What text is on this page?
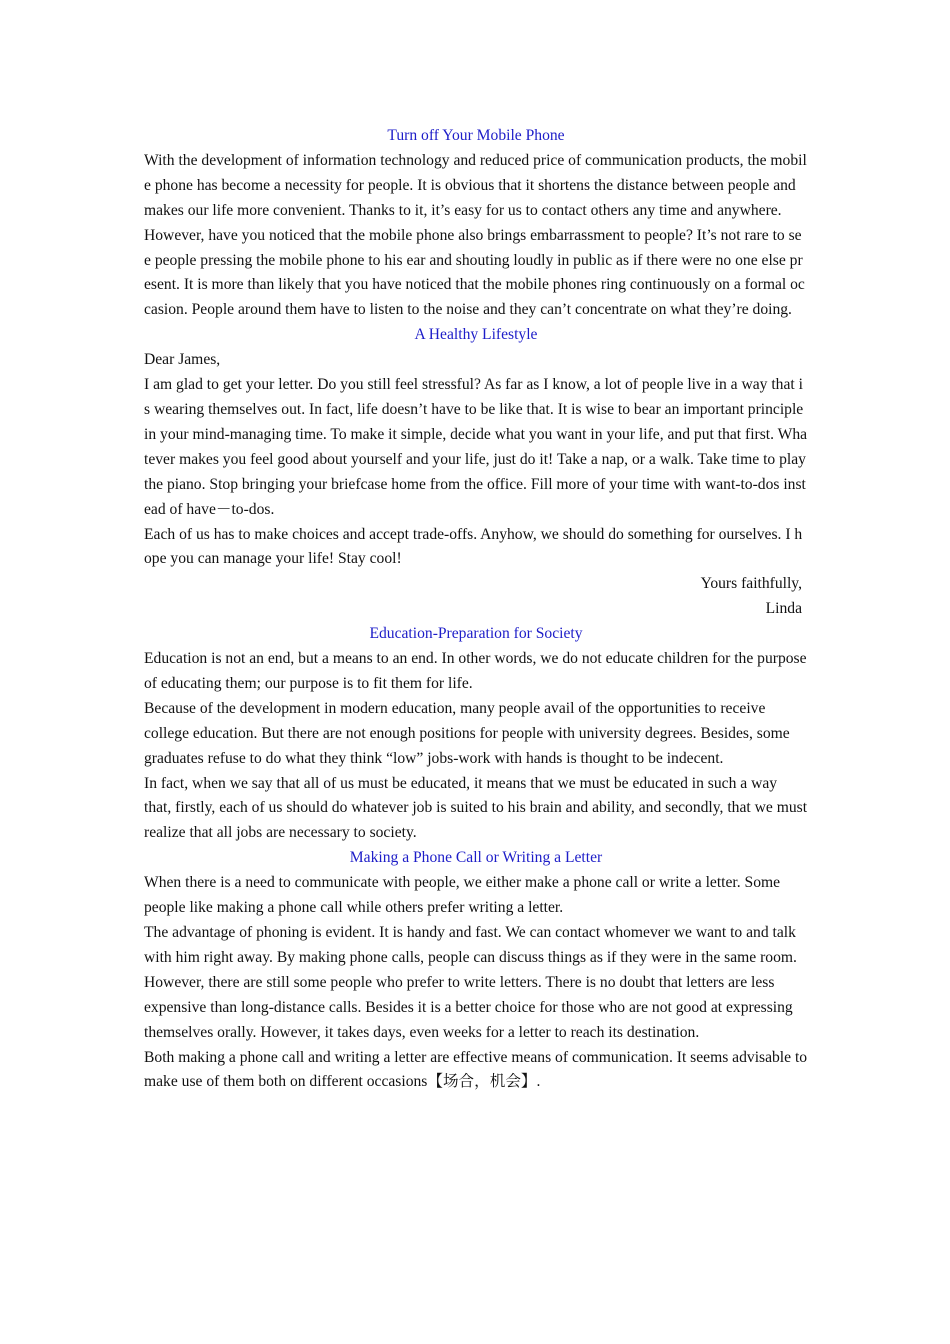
Turn off Your Mobile Phone

With the development of information technology and reduced price of communication products, the mobile phone has become a necessity for people. It is obvious that it shortens the distance between people and makes our life more convenient. Thanks to it, it’s easy for us to contact others any time and anywhere.

However, have you noticed that the mobile phone also brings embarrassment to people? It’s not rare to see people pressing the mobile phone to his ear and shouting loudly in public as if there were no one else present. It is more than likely that you have noticed that the mobile phones ring continuously on a formal occasion. People around them have to listen to the noise and they can’t concentrate on what they’re doing.

A Healthy Lifestyle

Dear James,

I am glad to get your letter. Do you still feel stressful? As far as I know, a lot of people live in a way that is wearing themselves out. In fact, life doesn’t have to be like that. It is wise to bear an important principle in your mind-managing time. To make it simple, decide what you want in your life, and put that first. Whatever makes you feel good about yourself and your life, just do it! Take a nap, or a walk. Take time to play the piano. Stop bringing your briefcase home from the office. Fill more of your time with want-to-dos instead of have－to-dos.

Each of us has to make choices and accept trade-offs. Anyhow, we should do something for ourselves. I hope you can manage your life! Stay cool!

Yours faithfully,

Linda

Education-Preparation for Society

Education is not an end, but a means to an end. In other words, we do not educate children for the purpose of educating them; our purpose is to fit them for life.

Because of the development in modern education, many people avail of the opportunities to receive college education. But there are not enough positions for people with university degrees. Besides, some graduates refuse to do what they think “low” jobs-work with hands is thought to be indecent.

In fact, when we say that all of us must be educated, it means that we must be educated in such a way that, firstly, each of us should do whatever job is suited to his brain and ability, and secondly, that we must realize that all jobs are necessary to society.

Making a Phone Call or Writing a Letter

When there is a need to communicate with people, we either make a phone call or write a letter. Some people like making a phone call while others prefer writing a letter.

The advantage of phoning is evident. It is handy and fast. We can contact whomever we want to and talk with him right away. By making phone calls, people can discuss things as if they were in the same room. However, there are still some people who prefer to write letters. There is no doubt that letters are less expensive than long-distance calls. Besides it is a better choice for those who are not good at expressing themselves orally. However, it takes days, even weeks for a letter to reach its destination.

Both making a phone call and writing a letter are effective means of communication. It seems advisable to make use of them both on different occasions【场合，机会】.
